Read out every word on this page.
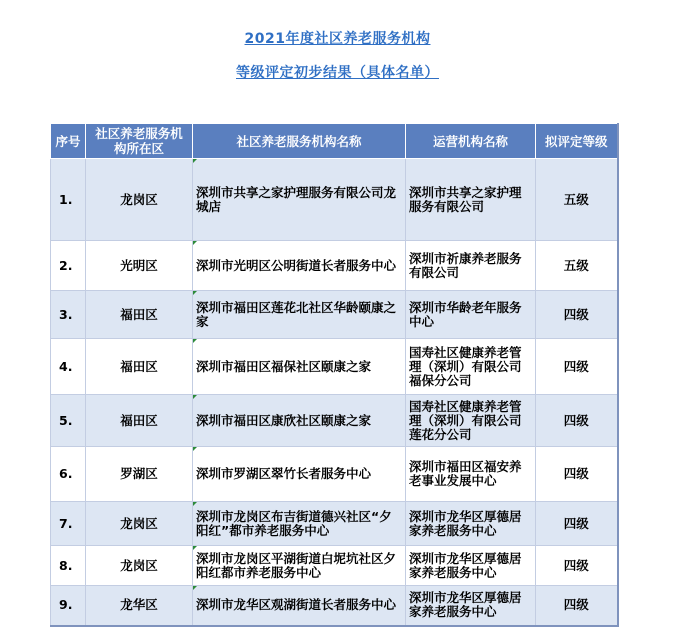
2021年度社区养老服务机构
等级评定初步结果（具体名单）
序号	社区养老服务机构所在区	社区养老服务机构名称	运营机构名称	拟评定等级
1.	龙岗区	深圳市共享之家护理服务有限公司龙城店	深圳市共享之家护理服务有限公司	五级
2.	光明区	深圳市光明区公明街道长者服务中心	深圳市祈康养老服务有限公司	五级
3.	福田区	深圳市福田区莲花北社区华龄颐康之家	深圳市华龄老年服务中心	四级
4.	福田区	深圳市福田区福保社区颐康之家	国寿社区健康养老管理（深圳）有限公司福保分公司	四级
5.	福田区	深圳市福田区康欣社区颐康之家	国寿社区健康养老管理（深圳）有限公司莲花分公司	四级
6.	罗湖区	深圳市罗湖区翠竹长者服务中心	深圳市福田区福安养老事业发展中心	四级
7.	龙岗区	深圳市龙岗区布吉街道德兴社区“夕阳红”都市养老服务中心	深圳市龙华区厚德居家养老服务中心	四级
8.	龙岗区	深圳市龙岗区平湖街道白坭坑社区夕阳红都市养老服务中心	深圳市龙华区厚德居家养老服务中心	四级
9.	龙华区	深圳市龙华区观湖街道长者服务中心	深圳市龙华区厚德居家养老服务中心	四级
